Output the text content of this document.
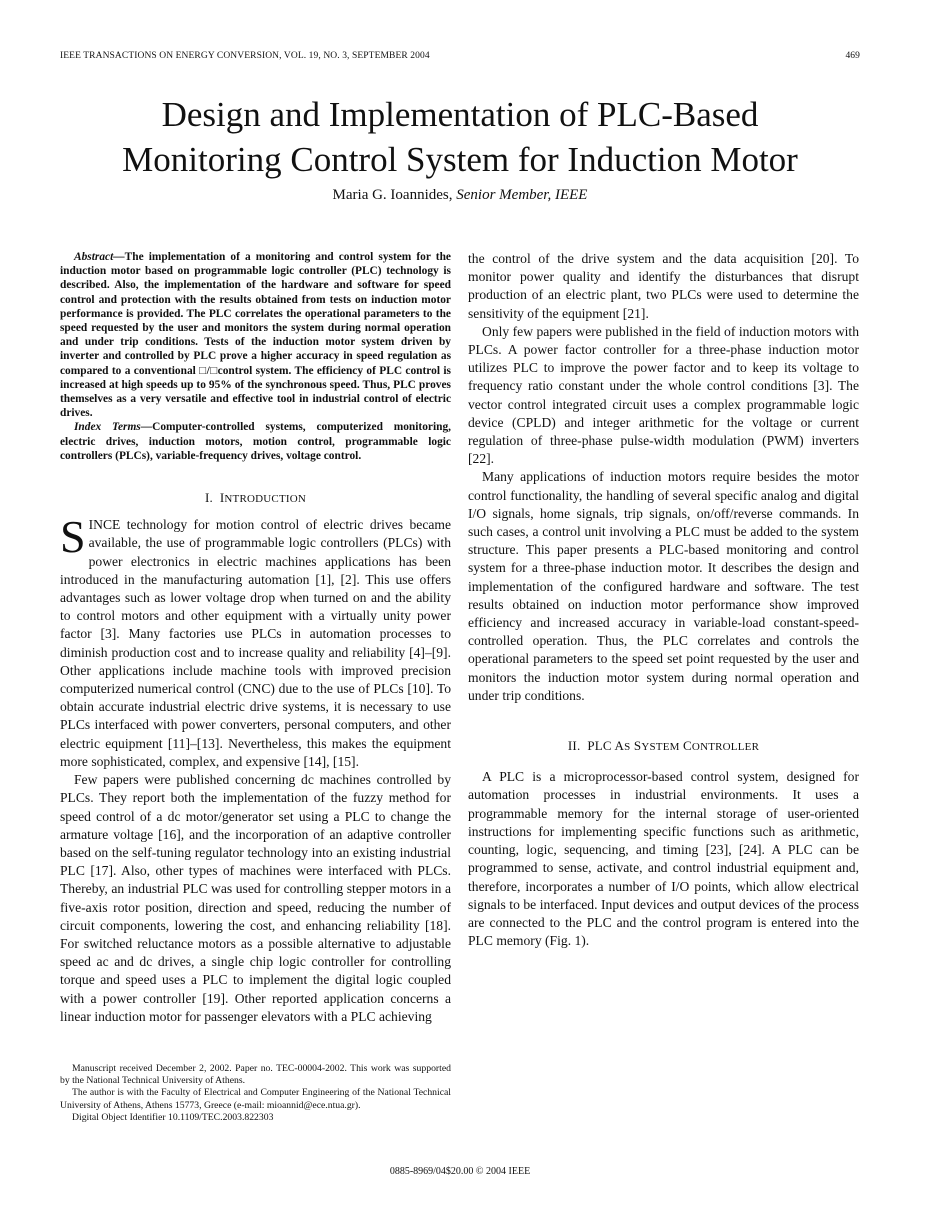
IEEE TRANSACTIONS ON ENERGY CONVERSION, VOL. 19, NO. 3, SEPTEMBER 2004	469
Design and Implementation of PLC-Based
Monitoring Control System for Induction Motor
Maria G. Ioannides, Senior Member, IEEE

Abstract—The implementation of a monitoring and control system for the induction motor based on programmable logic controller (PLC) technology is described. Also, the implementation of the hardware and software for speed control and protection with the results obtained from tests on induction motor performance is provided. The PLC correlates the operational parameters to the speed requested by the user and monitors the system during normal operation and under trip conditions. Tests of the induction motor system driven by inverter and controlled by PLC prove a higher accuracy in speed regulation as compared to a conventional □/□control system. The efficiency of PLC control is increased at high speeds up to 95% of the synchronous speed. Thus, PLC proves themselves as a very versatile and effective tool in industrial control of electric drives.

Index Terms—Computer-controlled systems, computerized monitoring, electric drives, induction motors, motion control, programmable logic controllers (PLCs), variable-frequency drives, voltage control.

I. INTRODUCTION

SINCE technology for motion control of electric drives became available, the use of programmable logic controllers (PLCs) with power electronics in electric machines applications has been introduced in the manufacturing automation [1], [2]. This use offers advantages such as lower voltage drop when turned on and the ability to control motors and other equipment with a virtually unity power factor [3]. Many factories use PLCs in automation processes to diminish production cost and to increase quality and reliability [4]–[9]. Other applications include machine tools with improved precision computerized numerical control (CNC) due to the use of PLCs [10]. To obtain accurate industrial electric drive systems, it is necessary to use PLCs interfaced with power converters, personal computers, and other electric equipment [11]–[13]. Nevertheless, this makes the equipment more sophisticated, complex, and expensive [14], [15].

Few papers were published concerning dc machines controlled by PLCs. They report both the implementation of the fuzzy method for speed control of a dc motor/generator set using a PLC to change the armature voltage [16], and the incorporation of an adaptive controller based on the self-tuning regulator technology into an existing industrial PLC [17]. Also, other types of machines were interfaced with PLCs. Thereby, an industrial PLC was used for controlling stepper motors in a five-axis rotor position, direction and speed, reducing the number of circuit components, lowering the cost, and enhancing reliability [18]. For switched reluctance motors as a possible alternative to adjustable speed ac and dc drives, a single chip logic controller for controlling torque and speed uses a PLC to implement the digital logic coupled with a power controller [19]. Other reported application concerns a linear induction motor for passenger elevators with a PLC achieving

Manuscript received December 2, 2002. Paper no. TEC-00004-2002. This work was supported by the National Technical University of Athens.

The author is with the Faculty of Electrical and Computer Engineering of the National Technical University of Athens, Athens 15773, Greece (e-mail: mioannid@ece.ntua.gr).

Digital Object Identifier 10.1109/TEC.2003.822303

the control of the drive system and the data acquisition [20]. To monitor power quality and identify the disturbances that disrupt production of an electric plant, two PLCs were used to determine the sensitivity of the equipment [21].

Only few papers were published in the field of induction motors with PLCs. A power factor controller for a three-phase induction motor utilizes PLC to improve the power factor and to keep its voltage to frequency ratio constant under the whole control conditions [3]. The vector control integrated circuit uses a complex programmable logic device (CPLD) and integer arithmetic for the voltage or current regulation of three-phase pulse-width modulation (PWM) inverters [22].

Many applications of induction motors require besides the motor control functionality, the handling of several specific analog and digital I/O signals, home signals, trip signals, on/off/reverse commands. In such cases, a control unit involving a PLC must be added to the system structure. This paper presents a PLC-based monitoring and control system for a three-phase induction motor. It describes the design and implementation of the configured hardware and software. The test results obtained on induction motor performance show improved efficiency and increased accuracy in variable-load constant-speed-controlled operation. Thus, the PLC correlates and controls the operational parameters to the speed set point requested by the user and monitors the induction motor system during normal operation and under trip conditions.

II. PLC AS SYSTEM CONTROLLER

A PLC is a microprocessor-based control system, designed for automation processes in industrial environments. It uses a programmable memory for the internal storage of user-oriented instructions for implementing specific functions such as arithmetic, counting, logic, sequencing, and timing [23], [24]. A PLC can be programmed to sense, activate, and control industrial equipment and, therefore, incorporates a number of I/O points, which allow electrical signals to be interfaced. Input devices and output devices of the process are connected to the PLC and the control program is entered into the PLC memory (Fig. 1).

0885-8969/04$20.00 © 2004 IEEE
